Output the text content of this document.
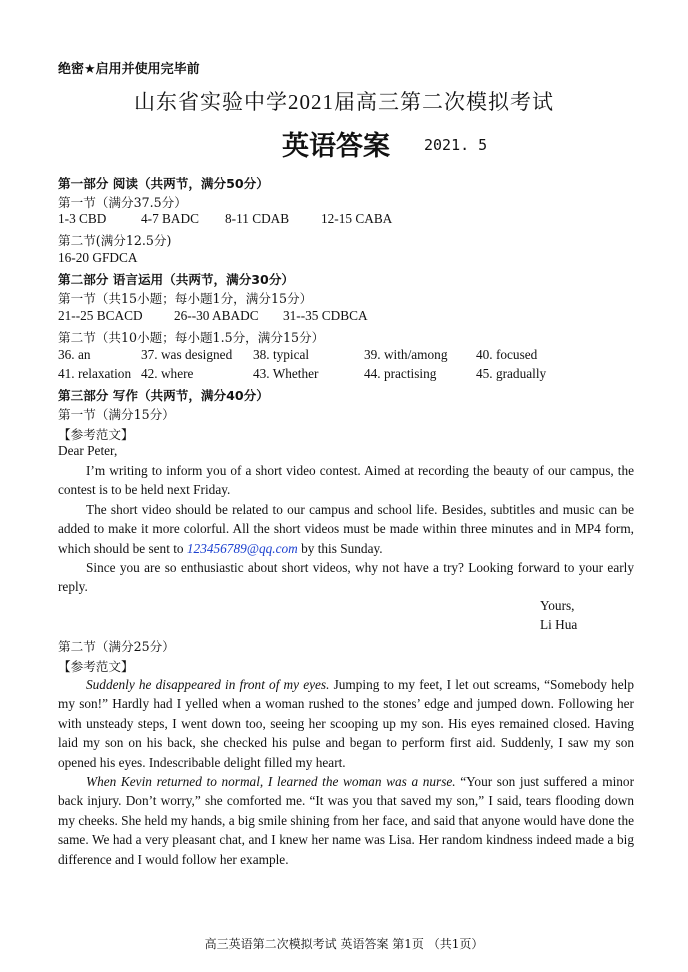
绝密★启用并使用完毕前
山东省实验中学2021届高三第二次模拟考试
英语答案 2021. 5
第一部分 阅读（共两节，满分50分）
第一节（满分37.5分）
1-3 CBD	4-7 BADC 8-11 CDAB 12-15 CABA
第二节(满分12.5分)
16-20 GFDCA
第二部分 语言运用（共两节，满分30分）
第一节（共15小题；每小题1分，满分15分）
21--25 BCACD 26--30 ABADC 31--35 CDBCA
第二节（共10小题；每小题1.5分，满分15分）
36. an	37. was designed 38. typical	39. with/among 40. focused
41. relaxation 42. where	43. Whether	44. practising	45. gradually
第三部分 写作（共两节，满分40分）
第一节（满分15分）
【参考范文】
Dear Peter,
I’m writing to inform you of a short video contest. Aimed at recording the beauty of our campus, the contest is to be held next Friday.
The short video should be related to our campus and school life. Besides, subtitles and music can be added to make it more colorful. All the short videos must be made within three minutes and in MP4 form, which should be sent to 123456789@qq.com by this Sunday.
Since you are so enthusiastic about short videos, why not have a try? Looking forward to your early reply.
Yours,
Li Hua
第二节（满分25分）
【参考范文】
Suddenly he disappeared in front of my eyes. Jumping to my feet, I let out screams, “Somebody help my son!” Hardly had I yelled when a woman rushed to the stones’ edge and jumped down. Following her with unsteady steps, I went down too, seeing her scooping up my son. His eyes remained closed. Having laid my son on his back, she checked his pulse and began to perform first aid. Suddenly, I saw my son opened his eyes. Indescribable delight filled my heart.
When Kevin returned to normal, I learned the woman was a nurse. “Your son just suffered a minor back injury. Don’t worry,” she comforted me. “It was you that saved my son,” I said, tears flooding down my cheeks. She held my hands, a big smile shining from her face, and said that anyone would have done the same. We had a very pleasant chat, and I knew her name was Lisa. Her random kindness indeed made a big difference and I would follow her example.
高三英语第二次模拟考试 英语答案 第1页 （共1页）
